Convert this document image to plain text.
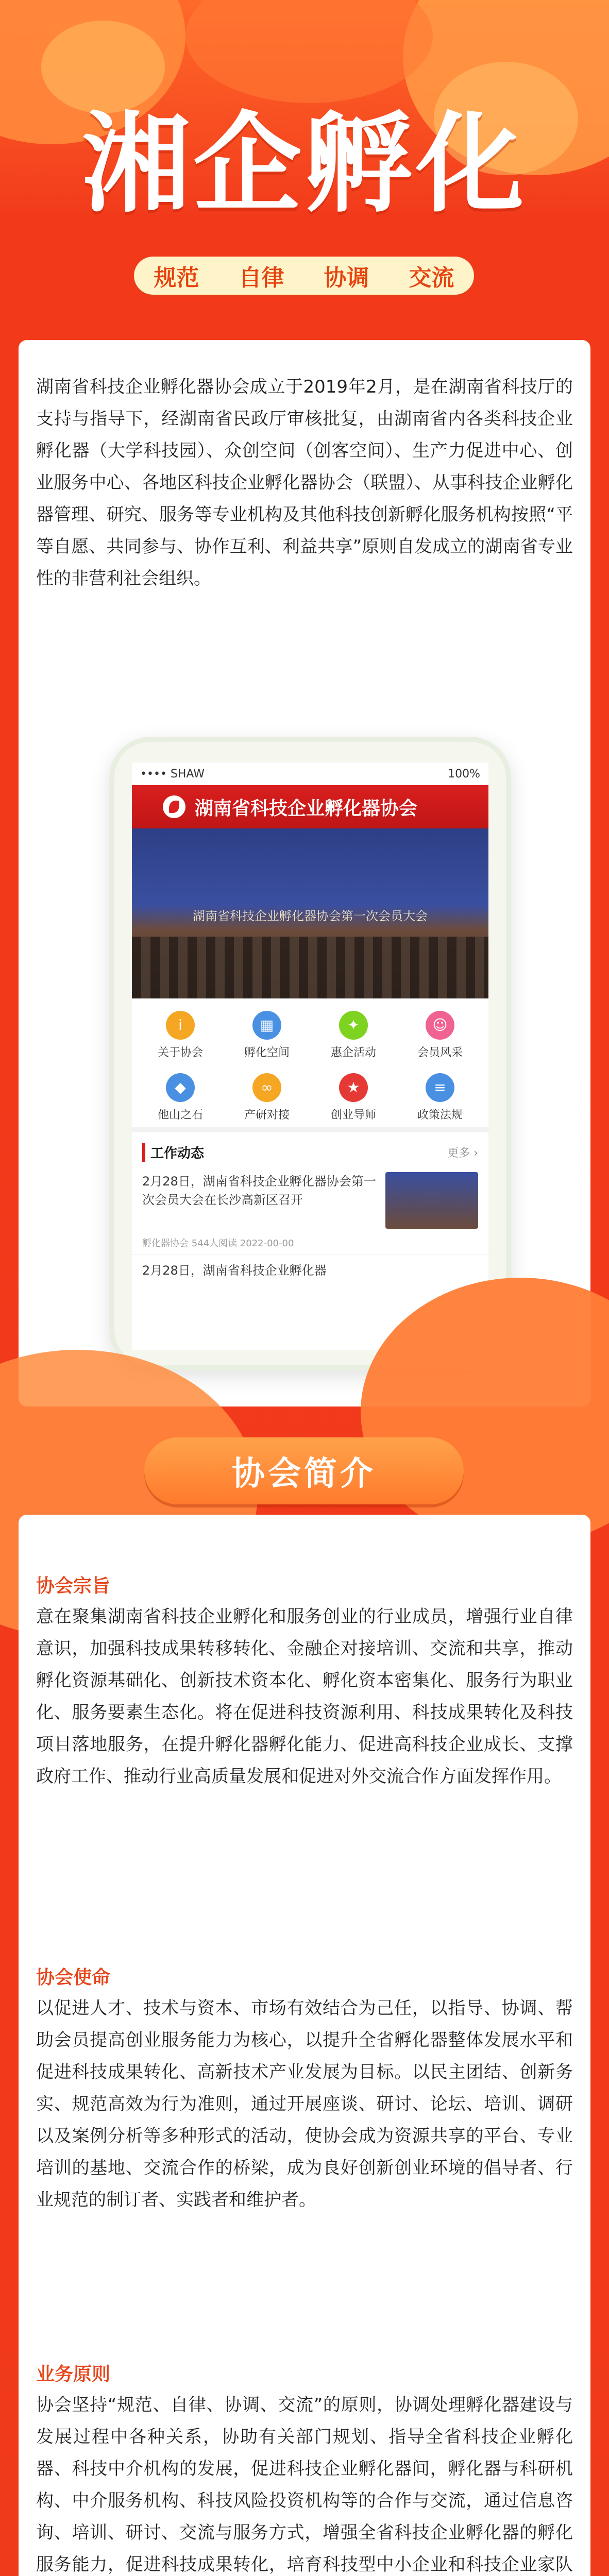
湘企孵化
规范 自律 协调 交流
湖南省科技企业孵化器协会成立于2019年2月，是在湖南省科技厅的支持与指导下，经湖南省民政厅审核批复，由湖南省内各类科技企业孵化器（大学科技园）、众创空间（创客空间）、生产力促进中心、创业服务中心、各地区科技企业孵化器协会（联盟）、从事科技企业孵化器管理、研究、服务等专业机构及其他科技创新孵化服务机构按照“平等自愿、共同参与、协作互利、利益共享”原则自发成立的湖南省专业性的非营利社会组织。
•••• SHAW	100%
湖南省科技企业孵化器协会
湖南省科技企业孵化器协会第一次会员大会
i
关于协会
▦
孵化空间
✦
惠企活动
☺
会员风采
◆
他山之石
∞
产研对接
★
创业导师
≡
政策法规
工作动态	更多 ›
2月28日，湖南省科技企业孵化器协会第一次会员大会在长沙高新区召开
孵化器协会 544人阅读 2022-00-00
2月28日，湖南省科技企业孵化器
协会简介
协会宗旨

意在聚集湖南省科技企业孵化和服务创业的行业成员，增强行业自律意识，加强科技成果转移转化、金融企对接培训、交流和共享，推动孵化资源基础化、创新技术资本化、孵化资本密集化、服务行为职业化、服务要素生态化。将在促进科技资源利用、科技成果转化及科技项目落地服务，在提升孵化器孵化能力、促进高科技企业成长、支撑政府工作、推动行业高质量发展和促进对外交流合作方面发挥作用。

协会使命

以促进人才、技术与资本、市场有效结合为己任，以指导、协调、帮助会员提高创业服务能力为核心，以提升全省孵化器整体发展水平和促进科技成果转化、高新技术产业发展为目标。以民主团结、创新务实、规范高效为行为准则，通过开展座谈、研讨、论坛、培训、调研以及案例分析等多种形式的活动，使协会成为资源共享的平台、专业培训的基地、交流合作的桥梁，成为良好创新创业环境的倡导者、行业规范的制订者、实践者和维护者。

业务原则

协会坚持“规范、自律、协调、交流”的原则，协调处理孵化器建设与发展过程中各种关系，协助有关部门规划、指导全省科技企业孵化器、科技中介机构的发展，促进科技企业孵化器间，孵化器与科研机构、中介服务机构、科技风险投资机构等的合作与交流，通过信息咨询、培训、研讨、交流与服务方式，增强全省科技企业孵化器的孵化服务能力，促进科技成果转化，培育科技型中小企业和科技企业家队
